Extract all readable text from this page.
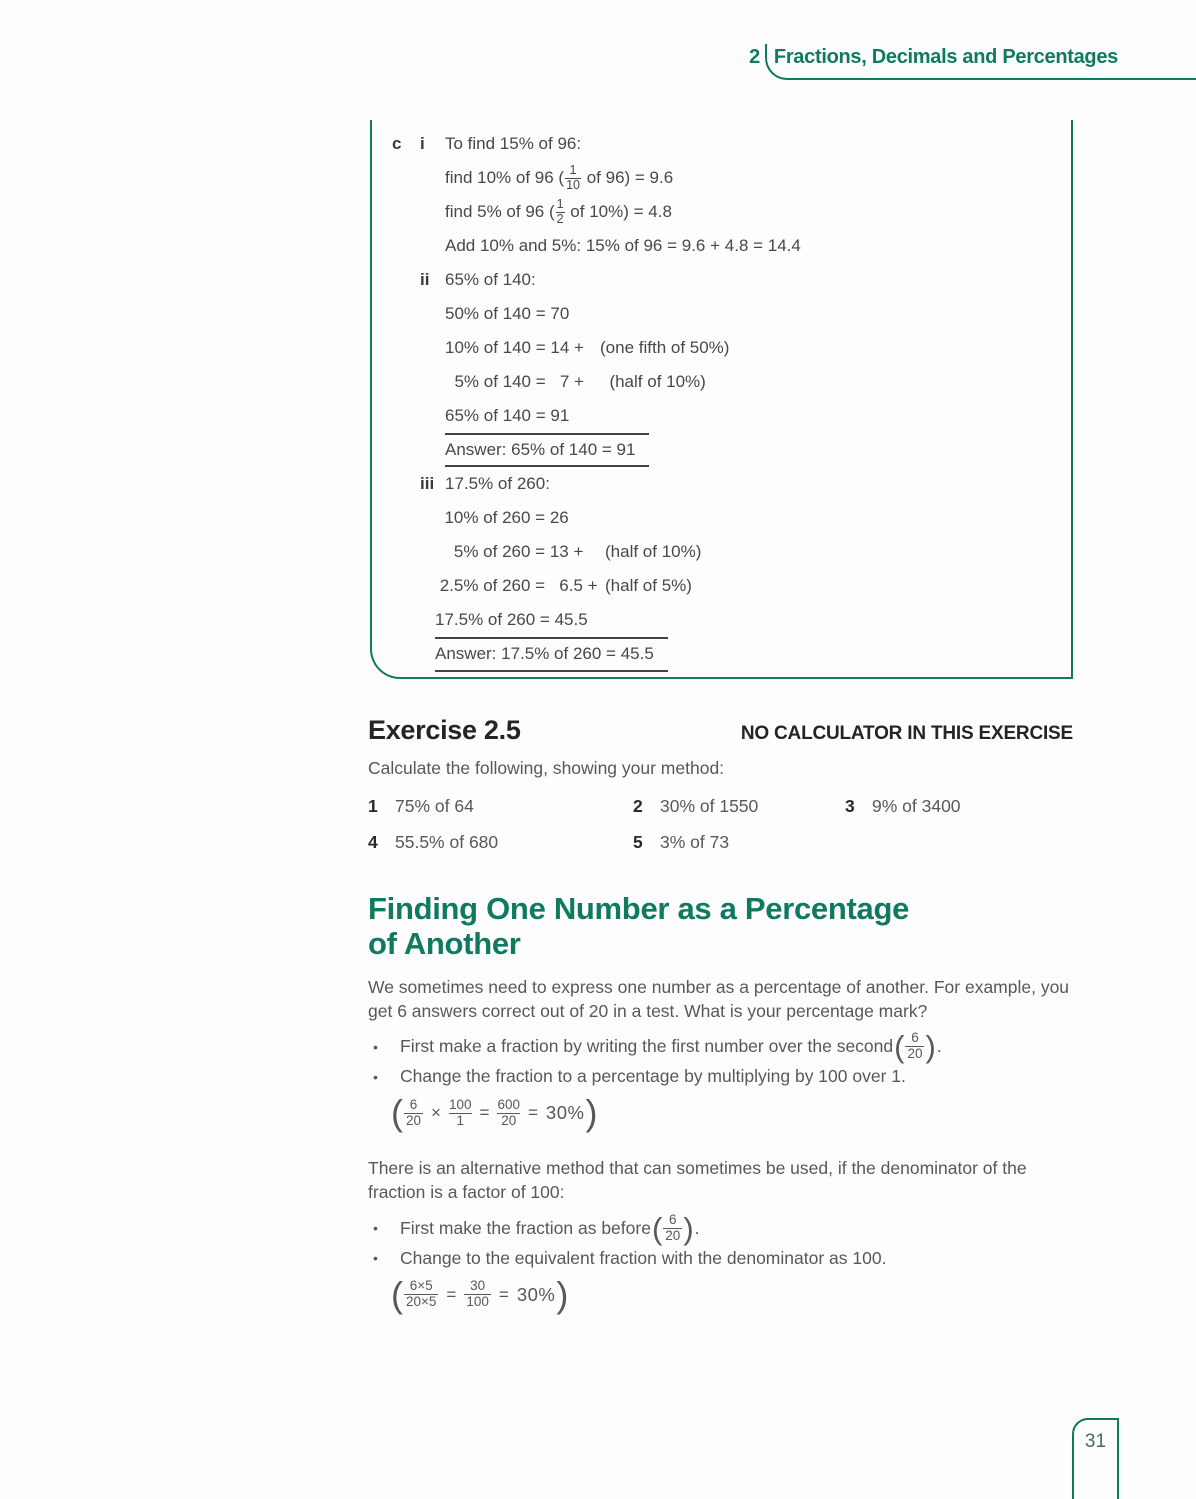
2 Fractions, Decimals and Percentages
c	i	To find 15% of 96:
find 10% of 96 ( $\frac{1}{10}$ of 96) = 9.6
find 5% of 96 ( $\frac{1}{2}$ of 10%) = 4.8
Add 10% and 5%: 15% of 96 = 9.6 + 4.8 = 14.4
ii 65% of 140:
50% of 140 = 70
10% of 140 = 14 + (one fifth of 50%)
5% of 140 =   7 + (half of 10%)
65% of 140 = 91
Answer: 65% of 140 = 91
iii 17.5% of 260:
10% of 260 = 26
5% of 260 = 13 +	(half of 10%)
2.5% of 260 =   6.5 + (half of 5%)
17.5% of 260 = 45.5
Answer: 17.5% of 260 = 45.5
Exercise 2.5	NO CALCULATOR IN THIS EXERCISE

Calculate the following, showing your method:

1 75% of 64	2 30% of 1550	3 9% of 3400
4 55.5% of 680	5 3% of 73
Finding One Number as a Percentage
of Another

We sometimes need to express one number as a percentage of another. For example, you get 6 answers correct out of 20 in a test. What is your percentage mark?

•	First make a fraction by writing the first number over the second ( $\frac{6}{20}$ ) .
•	Change the fraction to a percentage by multiplying by 100 over 1.
( $\frac{6}{20} \times \frac{100}{1} = \frac{600}{20} = 30\%$ )

There is an alternative method that can sometimes be used, if the denominator of the fraction is a factor of 100:

•	First make the fraction as before ( $\frac{6}{20}$ ) .
•	Change to the equivalent fraction with the denominator as 100.
( $\frac{6\times 5}{20\times 5} = \frac{30}{100} = 30\%$ )
31
